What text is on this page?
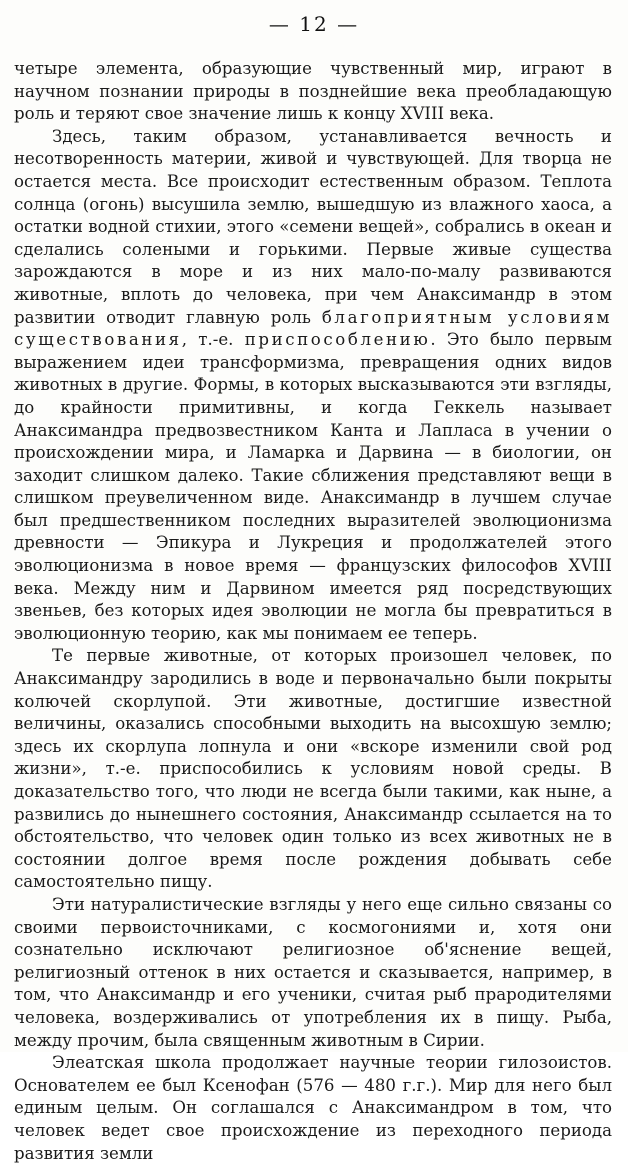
— 12 —

четыре элемента, образующие чувственный мир, играют в научном познании природы в позднейшие века преобладающую роль и теряют свое значение лишь к концу XVIII века.

Здесь, таким образом, устанавливается вечность и несотворенность материи, живой и чувствующей. Для творца не остается места. Все происходит естественным образом. Теплота солнца (огонь) высушила землю, вышедшую из влажного хаоса, а остатки водной стихии, этого «семени вещей», собрались в океан и сделались солеными и горькими. Первые живые существа зарождаются в море и из них мало-по-малу развиваются животные, вплоть до человека, при чем Анаксимандр в этом развитии отводит главную роль благоприятным условиям существования, т.-е. приспособлению. Это было первым выражением идеи трансформизма, превращения одних видов животных в другие. Формы, в которых высказываются эти взгляды, до крайности примитивны, и когда Геккель называет Анаксимандра предвозвестником Канта и Лапласа в учении о происхождении мира, и Ламарка и Дарвина — в биологии, он заходит слишком далеко. Такие сближения представляют вещи в слишком преувеличенном виде. Анаксимандр в лучшем случае был предшественником последних выразителей эволюционизма древности — Эпикура и Лукреция и продолжателей этого эволюционизма в новое время — французских философов XVIII века. Между ним и Дарвином имеется ряд посредствующих звеньев, без которых идея эволюции не могла бы превратиться в эволюционную теорию, как мы понимаем ее теперь.

Те первые животные, от которых произошел человек, по Анаксимандру зародились в воде и первоначально были покрыты колючей скорлупой. Эти животные, достигшие известной величины, оказались способными выходить на высохшую землю; здесь их скорлупа лопнула и они «вскоре изменили свой род жизни», т.-е. приспособились к условиям новой среды. В доказательство того, что люди не всегда были такими, как ныне, а развились до нынешнего состояния, Анаксимандр ссылается на то обстоятельство, что человек один только из всех животных не в состоянии долгое время после рождения добывать себе самостоятельно пищу.

Эти натуралистические взгляды у него еще сильно связаны со своими первоисточниками, с космогониями и, хотя они сознательно исключают религиозное об'яснение вещей, религиозный оттенок в них остается и сказывается, например, в том, что Анаксимандр и его ученики, считая рыб прародителями человека, воздерживались от употребления их в пищу. Рыба, между прочим, была священным животным в Сирии.

Элеатская школа продолжает научные теории гилозоистов. Основателем ее был Ксенофан (576 — 480 г.г.). Мир для него был единым целым. Он соглашался с Анаксимандром в том, что человек ведет свое происхождение из переходного периода развития земли
